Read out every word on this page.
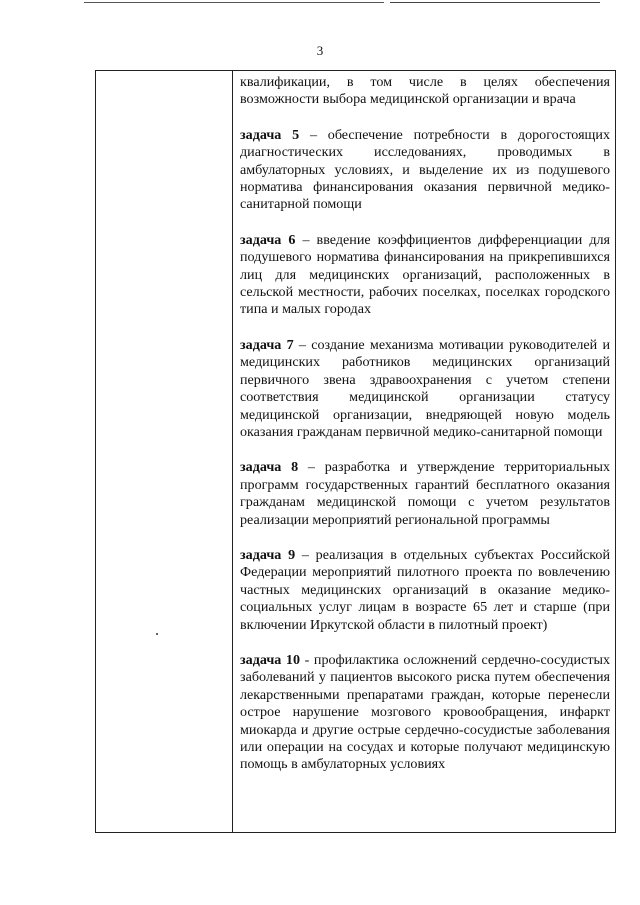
3

квалификации, в том числе в целях обеспечения возможности выбора медицинской организации и врача

задача 5 – обеспечение потребности в дорогостоящих диагностических исследованиях, проводимых в амбулаторных условиях, и выделение их из подушевого норматива финансирования оказания первичной медико-санитарной помощи

задача 6 – введение коэффициентов дифференциации для подушевого норматива финансирования на прикрепившихся лиц для медицинских организаций, расположенных в сельской местности, рабочих поселках, поселках городского типа и малых городах

задача 7 – создание механизма мотивации руководителей и медицинских работников медицинских организаций первичного звена здравоохранения с учетом степени соответствия медицинской организации статусу медицинской организации, внедряющей новую модель оказания гражданам первичной медико-санитарной помощи

задача 8 – разработка и утверждение территориальных программ государственных гарантий бесплатного оказания гражданам медицинской помощи с учетом результатов реализации мероприятий региональной программы

задача 9 – реализация в отдельных субъектах Российской Федерации мероприятий пилотного проекта по вовлечению частных медицинских организаций в оказание медико-социальных услуг лицам в возрасте 65 лет и старше (при включении Иркутской области в пилотный проект)

задача 10 - профилактика осложнений сердечно-сосудистых заболеваний у пациентов высокого риска путем обеспечения лекарственными препаратами граждан, которые перенесли острое нарушение мозгового кровообращения, инфаркт миокарда и другие острые сердечно-сосудистые заболевания или операции на сосудах и которые получают медицинскую помощь в амбулаторных условиях
